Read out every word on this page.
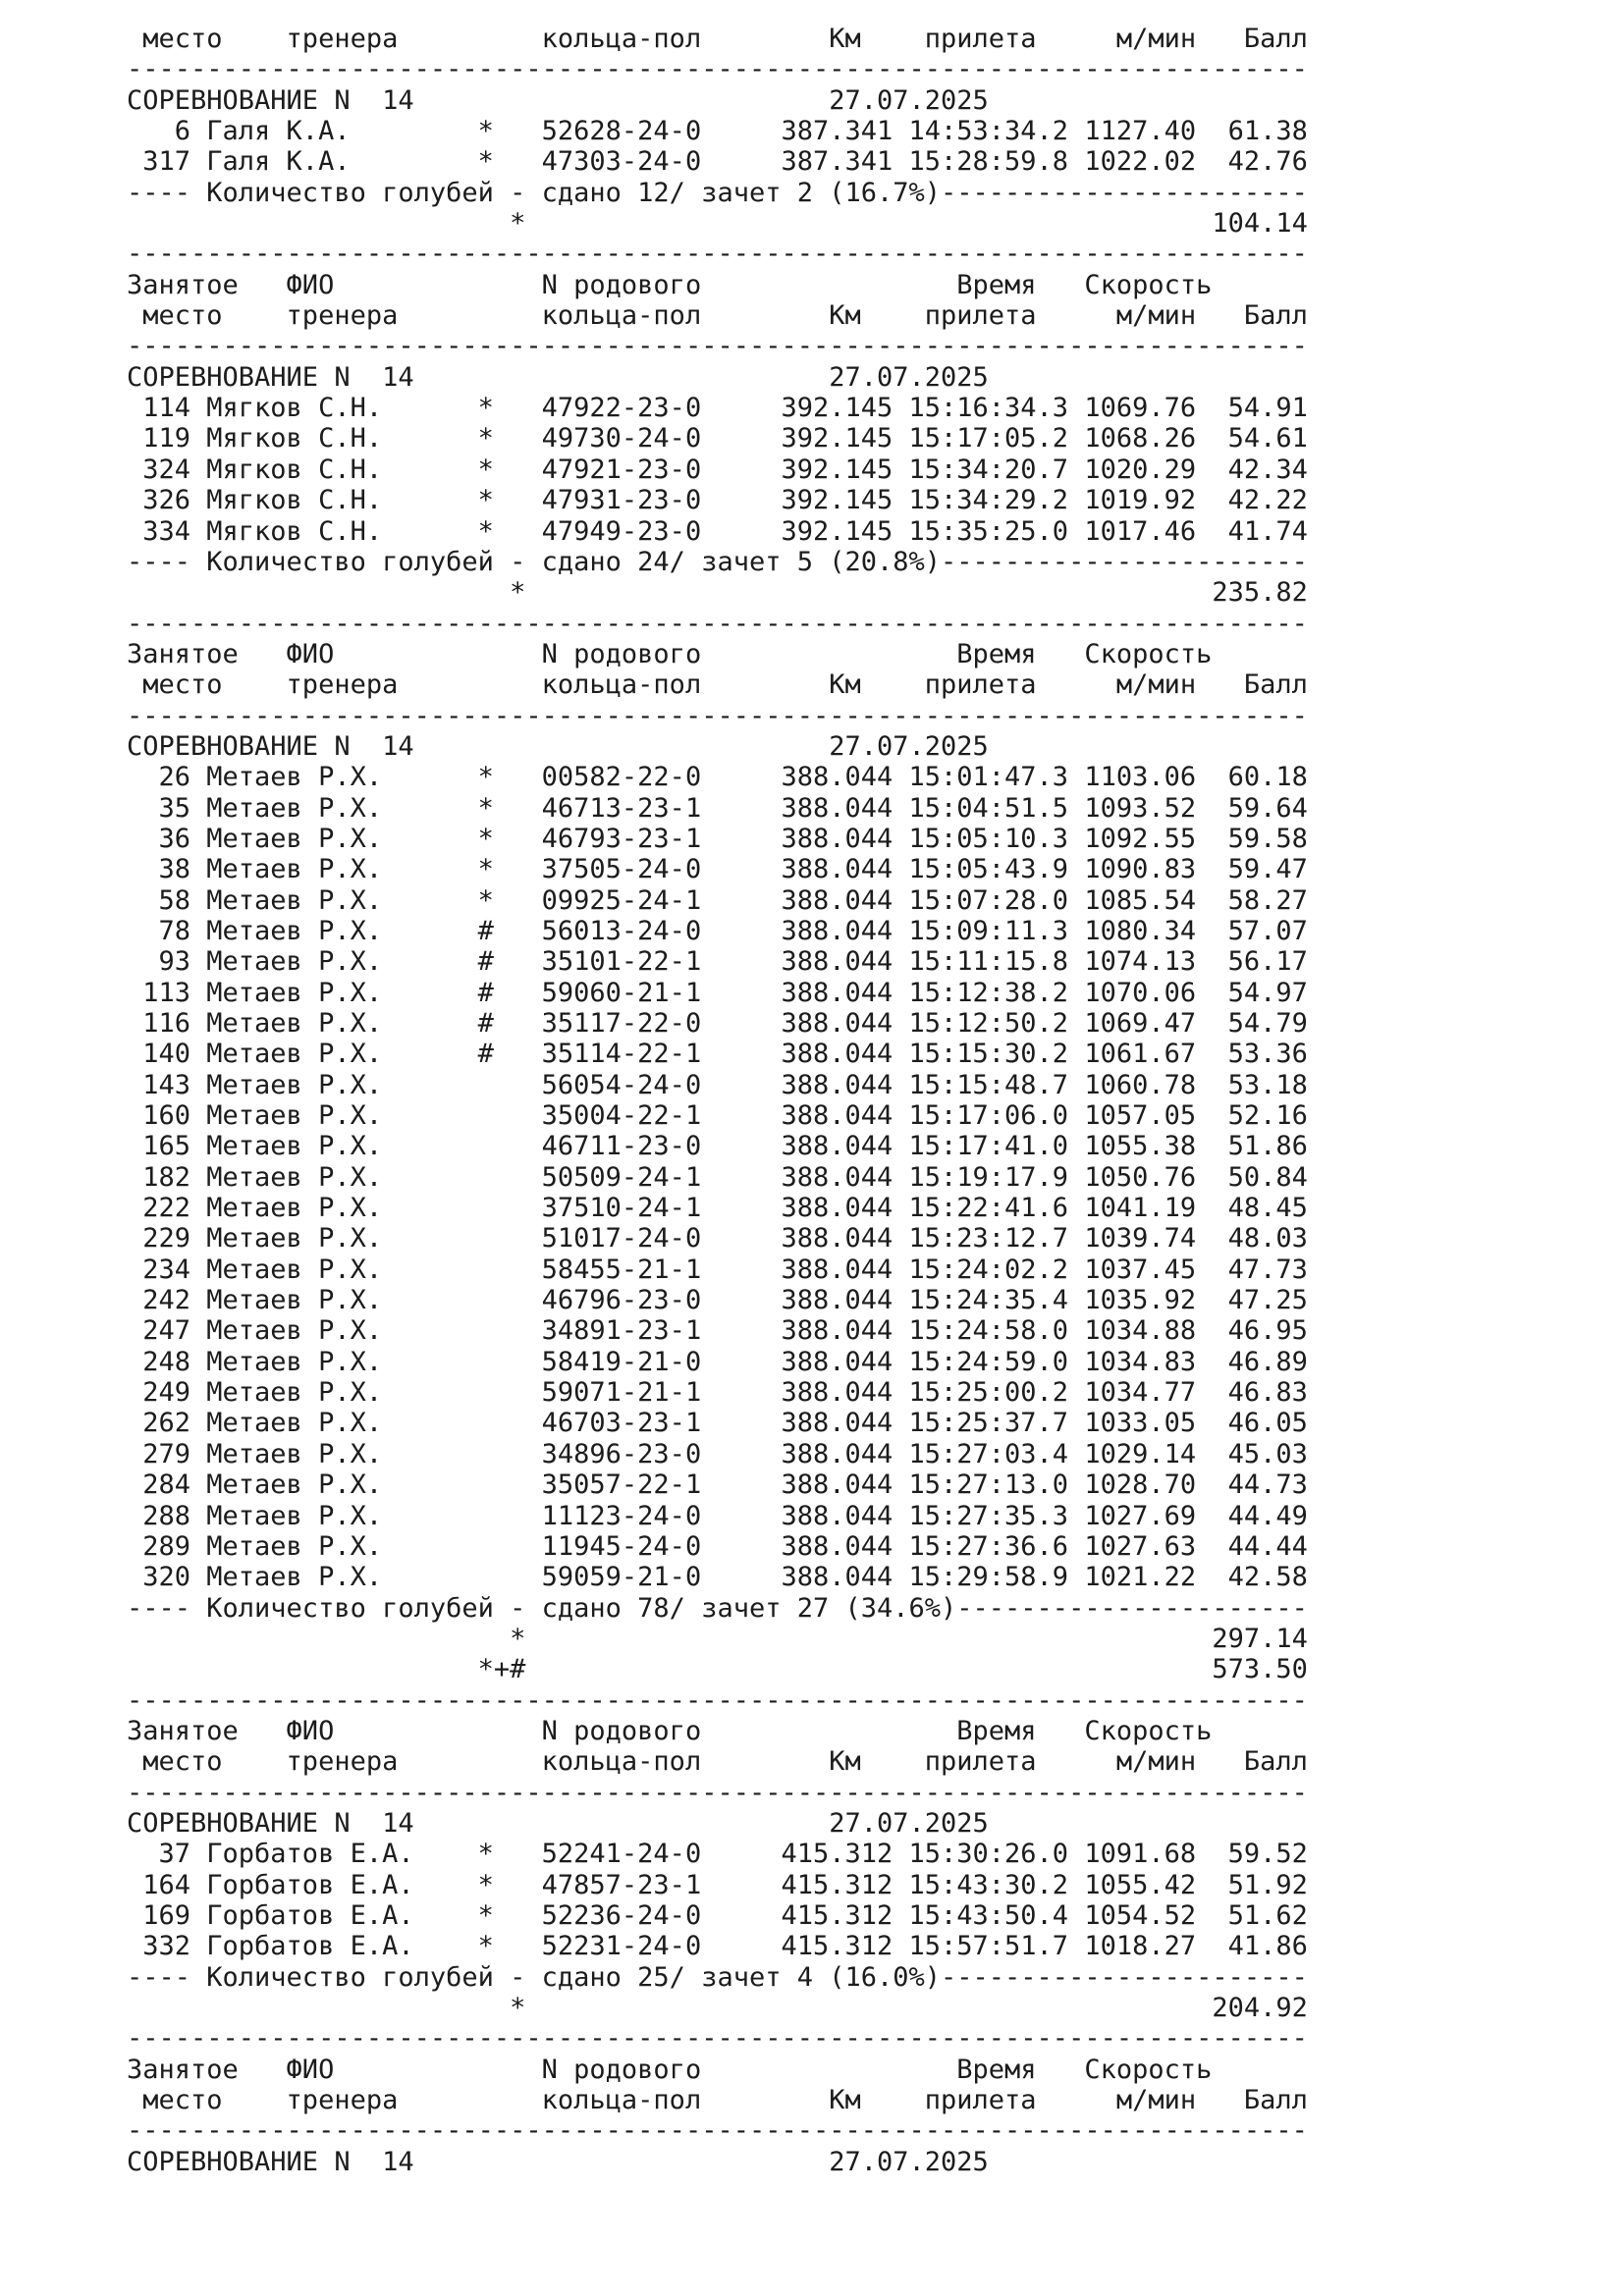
место    тренера         кольца-пол        Км    прилета     м/мин   Балл
--------------------------------------------------------------------------
СОРЕВНОВАНИЕ N  14                          27.07.2025
6 Галя К.А.        *   52628-24-0     387.341 14:53:34.2 1127.40  61.38
317 Галя К.А.        *   47303-24-0     387.341 15:28:59.8 1022.02  42.76
---- Количество голубей - сдано 12/ зачет 2 (16.7%)-----------------------
*                                           104.14
--------------------------------------------------------------------------
Занятое   ФИО             N родового                Время   Скорость
место    тренера         кольца-пол        Км    прилета     м/мин   Балл
--------------------------------------------------------------------------
СОРЕВНОВАНИЕ N  14                          27.07.2025
114 Мягков С.Н.      *   47922-23-0     392.145 15:16:34.3 1069.76  54.91
119 Мягков С.Н.      *   49730-24-0     392.145 15:17:05.2 1068.26  54.61
324 Мягков С.Н.      *   47921-23-0     392.145 15:34:20.7 1020.29  42.34
326 Мягков С.Н.      *   47931-23-0     392.145 15:34:29.2 1019.92  42.22
334 Мягков С.Н.      *   47949-23-0     392.145 15:35:25.0 1017.46  41.74
---- Количество голубей - сдано 24/ зачет 5 (20.8%)-----------------------
*                                           235.82
--------------------------------------------------------------------------
Занятое   ФИО             N родового                Время   Скорость
место    тренера         кольца-пол        Км    прилета     м/мин   Балл
--------------------------------------------------------------------------
СОРЕВНОВАНИЕ N  14                          27.07.2025
26 Метаев Р.Х.      *   00582-22-0     388.044 15:01:47.3 1103.06  60.18
35 Метаев Р.Х.      *   46713-23-1     388.044 15:04:51.5 1093.52  59.64
36 Метаев Р.Х.      *   46793-23-1     388.044 15:05:10.3 1092.55  59.58
38 Метаев Р.Х.      *   37505-24-0     388.044 15:05:43.9 1090.83  59.47
58 Метаев Р.Х.      *   09925-24-1     388.044 15:07:28.0 1085.54  58.27
78 Метаев Р.Х.      #   56013-24-0     388.044 15:09:11.3 1080.34  57.07
93 Метаев Р.Х.      #   35101-22-1     388.044 15:11:15.8 1074.13  56.17
113 Метаев Р.Х.      #   59060-21-1     388.044 15:12:38.2 1070.06  54.97
116 Метаев Р.Х.      #   35117-22-0     388.044 15:12:50.2 1069.47  54.79
140 Метаев Р.Х.      #   35114-22-1     388.044 15:15:30.2 1061.67  53.36
143 Метаев Р.Х.          56054-24-0     388.044 15:15:48.7 1060.78  53.18
160 Метаев Р.Х.          35004-22-1     388.044 15:17:06.0 1057.05  52.16
165 Метаев Р.Х.          46711-23-0     388.044 15:17:41.0 1055.38  51.86
182 Метаев Р.Х.          50509-24-1     388.044 15:19:17.9 1050.76  50.84
222 Метаев Р.Х.          37510-24-1     388.044 15:22:41.6 1041.19  48.45
229 Метаев Р.Х.          51017-24-0     388.044 15:23:12.7 1039.74  48.03
234 Метаев Р.Х.          58455-21-1     388.044 15:24:02.2 1037.45  47.73
242 Метаев Р.Х.          46796-23-0     388.044 15:24:35.4 1035.92  47.25
247 Метаев Р.Х.          34891-23-1     388.044 15:24:58.0 1034.88  46.95
248 Метаев Р.Х.          58419-21-0     388.044 15:24:59.0 1034.83  46.89
249 Метаев Р.Х.          59071-21-1     388.044 15:25:00.2 1034.77  46.83
262 Метаев Р.Х.          46703-23-1     388.044 15:25:37.7 1033.05  46.05
279 Метаев Р.Х.          34896-23-0     388.044 15:27:03.4 1029.14  45.03
284 Метаев Р.Х.          35057-22-1     388.044 15:27:13.0 1028.70  44.73
288 Метаев Р.Х.          11123-24-0     388.044 15:27:35.3 1027.69  44.49
289 Метаев Р.Х.          11945-24-0     388.044 15:27:36.6 1027.63  44.44
320 Метаев Р.Х.          59059-21-0     388.044 15:29:58.9 1021.22  42.58
---- Количество голубей - сдано 78/ зачет 27 (34.6%)----------------------
*                                           297.14
*+#                                           573.50
--------------------------------------------------------------------------
Занятое   ФИО             N родового                Время   Скорость
место    тренера         кольца-пол        Км    прилета     м/мин   Балл
--------------------------------------------------------------------------
СОРЕВНОВАНИЕ N  14                          27.07.2025
37 Горбатов Е.А.    *   52241-24-0     415.312 15:30:26.0 1091.68  59.52
164 Горбатов Е.А.    *   47857-23-1     415.312 15:43:30.2 1055.42  51.92
169 Горбатов Е.А.    *   52236-24-0     415.312 15:43:50.4 1054.52  51.62
332 Горбатов Е.А.    *   52231-24-0     415.312 15:57:51.7 1018.27  41.86
---- Количество голубей - сдано 25/ зачет 4 (16.0%)-----------------------
*                                           204.92
--------------------------------------------------------------------------
Занятое   ФИО             N родового                Время   Скорость
место    тренера         кольца-пол        Км    прилета     м/мин   Балл
--------------------------------------------------------------------------
СОРЕВНОВАНИЕ N  14                          27.07.2025
